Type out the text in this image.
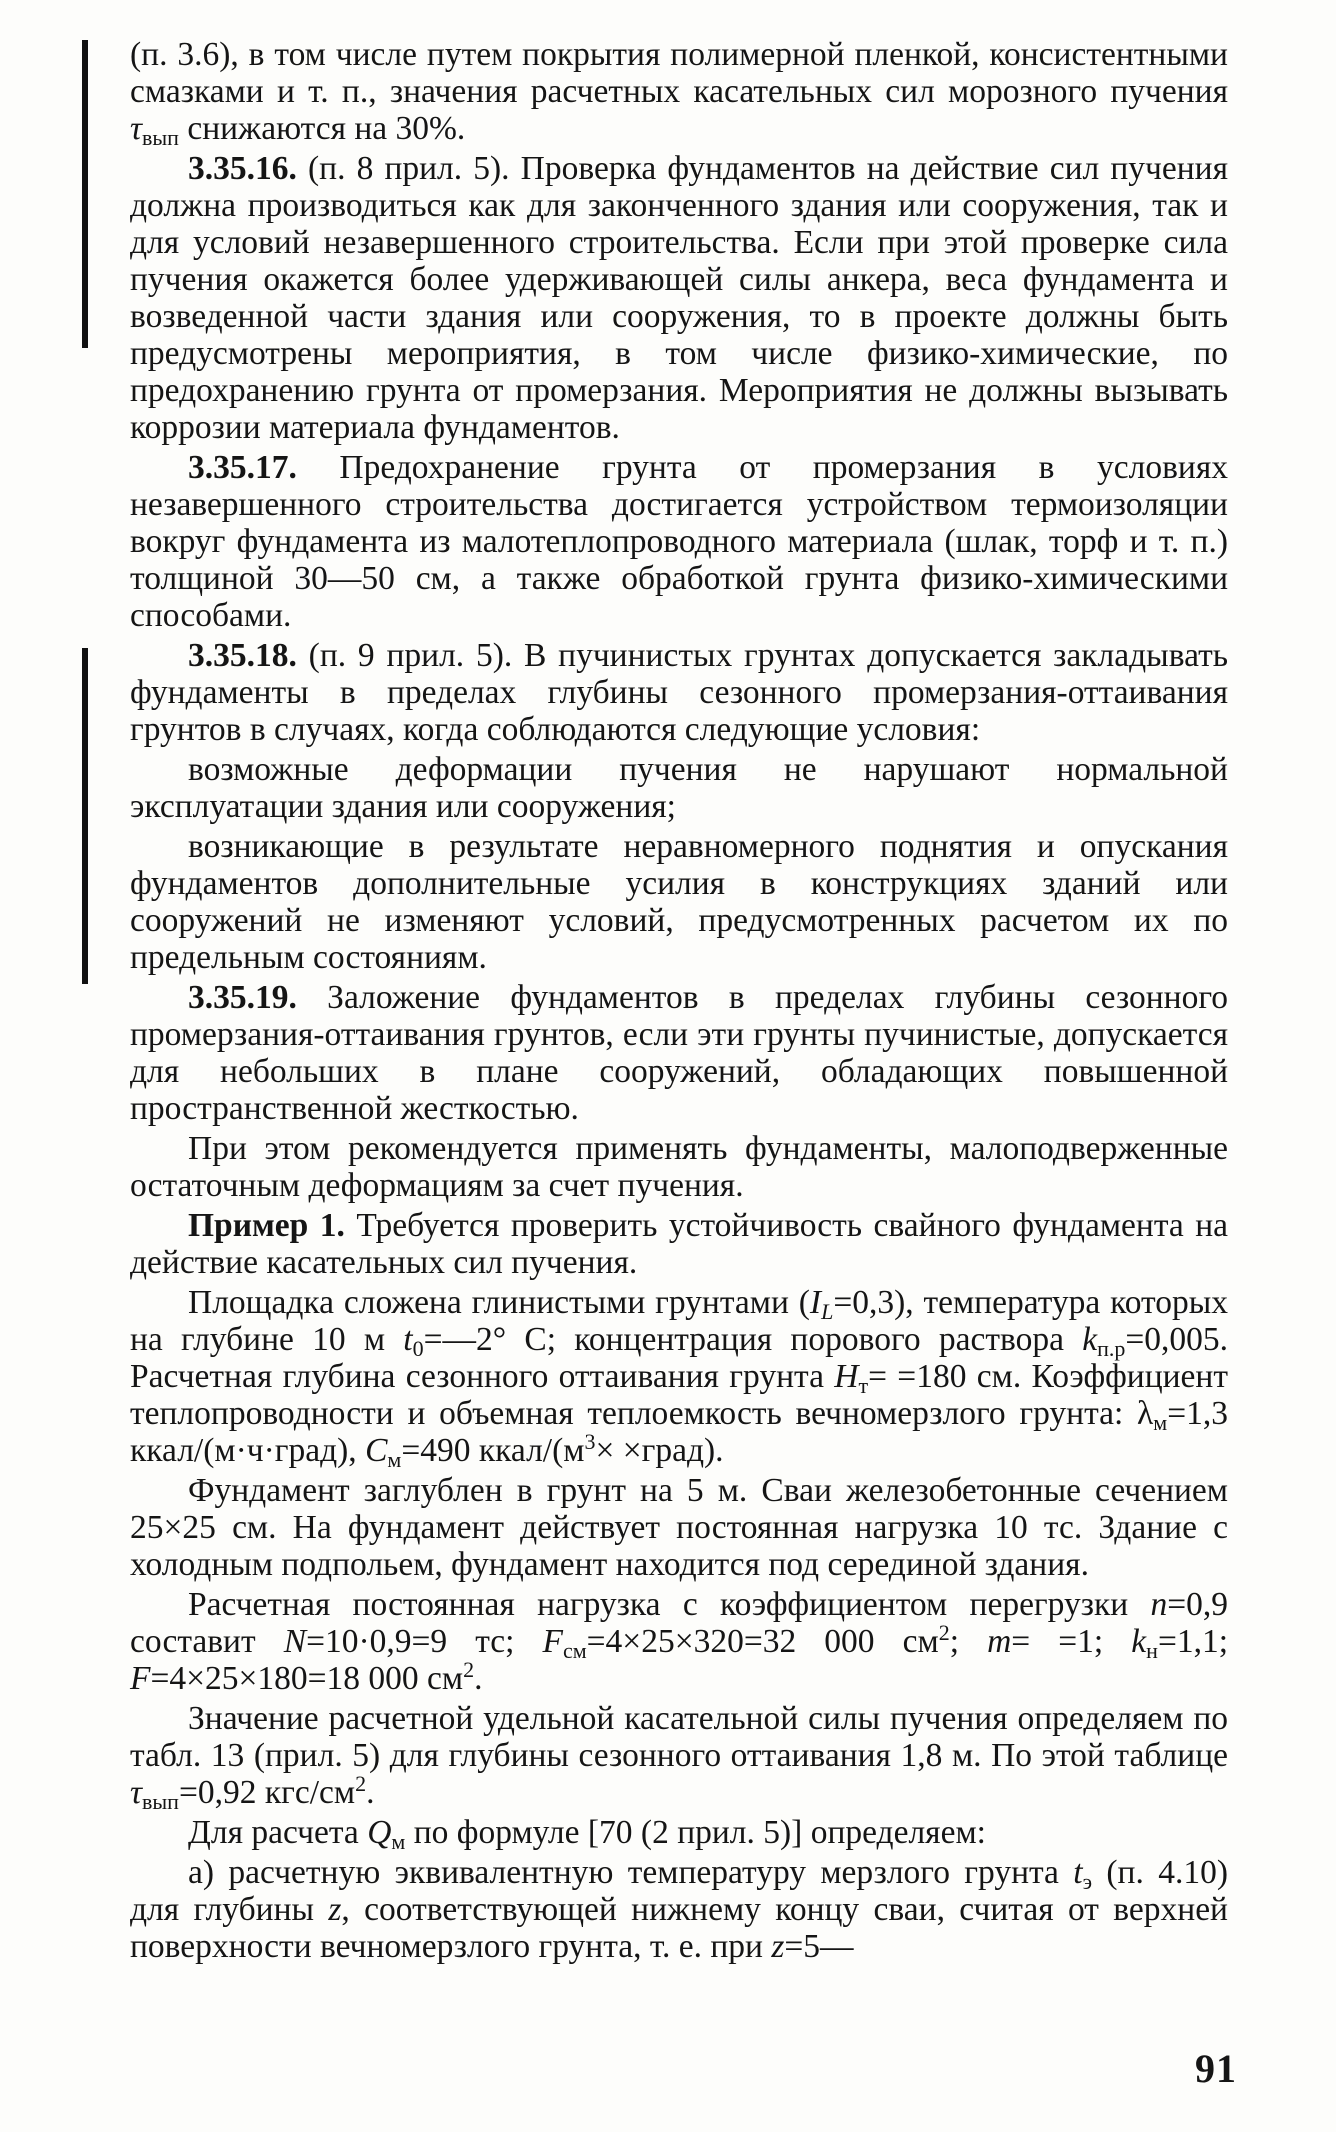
(п. 3.6), в том числе путем покрытия полимерной пленкой, консистентными смазками и т. п., значения расчетных касательных сил морозного пучения $\tau_{вып}$ снижаются на 30%.

3.35.16. (п. 8 прил. 5). Проверка фундаментов на действие сил пучения должна производиться как для законченного здания или сооружения, так и для условий незавершенного строительства. Если при этой проверке сила пучения окажется более удерживающей силы анкера, веса фундамента и возведенной части здания или сооружения, то в проекте должны быть предусмотрены мероприятия, в том числе физико-химические, по предохранению грунта от промерзания. Мероприятия не должны вызывать коррозии материала фундаментов.

3.35.17. Предохранение грунта от промерзания в условиях незавершенного строительства достигается устройством термоизоляции вокруг фундамента из малотеплопроводного материала (шлак, торф и т. п.) толщиной 30—50 см, а также обработкой грунта физико-химическими способами.

3.35.18. (п. 9 прил. 5). В пучинистых грунтах допускается закладывать фундаменты в пределах глубины сезонного промерзания-оттаивания грунтов в случаях, когда соблюдаются следующие условия:

возможные деформации пучения не нарушают нормальной эксплуатации здания или сооружения;

возникающие в результате неравномерного поднятия и опускания фундаментов дополнительные усилия в конструкциях зданий или сооружений не изменяют условий, предусмотренных расчетом их по предельным состояниям.

3.35.19. Заложение фундаментов в пределах глубины сезонного промерзания-оттаивания грунтов, если эти грунты пучинистые, допускается для небольших в плане сооружений, обладающих повышенной пространственной жесткостью.

При этом рекомендуется применять фундаменты, малоподверженные остаточным деформациям за счет пучения.

Пример 1. Требуется проверить устойчивость свайного фундамента на действие касательных сил пучения.

Площадка сложена глинистыми грунтами $(I_L=0,3)$, температура которых на глубине 10 м $t_0=—2^\circ$ С; концентрация порового раствора $k_{п.р}=0,005$. Расчетная глубина сезонного оттаивания грунта $H_т= =180$ см. Коэффициент теплопроводности и объемная теплоемкость вечномерзлого грунта: $\lambda_м=1,3$ ккал/(м·ч·град), $C_м=490$ ккал/($м^3\times$ ×град).

Фундамент заглублен в грунт на 5 м. Сваи железобетонные сечением 25×25 см. На фундамент действует постоянная нагрузка 10 тс. Здание с холодным подпольем, фундамент находится под серединой здания.

Расчетная постоянная нагрузка с коэффициентом перегрузки n=0,9 составит N=10·0,9=9 тс; $F_{см}=4\times 25\times 320=32$ 000 $см^2$; m= =1; $k_н=1,1$; F=4×25×180=18 000 $см^2$.

Значение расчетной удельной касательной силы пучения определяем по табл. 13 (прил. 5) для глубины сезонного оттаивания 1,8 м. По этой таблице $\tau_{вып}=0,92$ кгс/$см^2$.

Для расчета $Q_м$ по формуле [70 (2 прил. 5)] определяем:

а) расчетную эквивалентную температуру мерзлого грунта $t_э$ (п. 4.10) для глубины z, соответствующей нижнему концу сваи, считая от верхней поверхности вечномерзлого грунта, т. е. при z=5—

91
